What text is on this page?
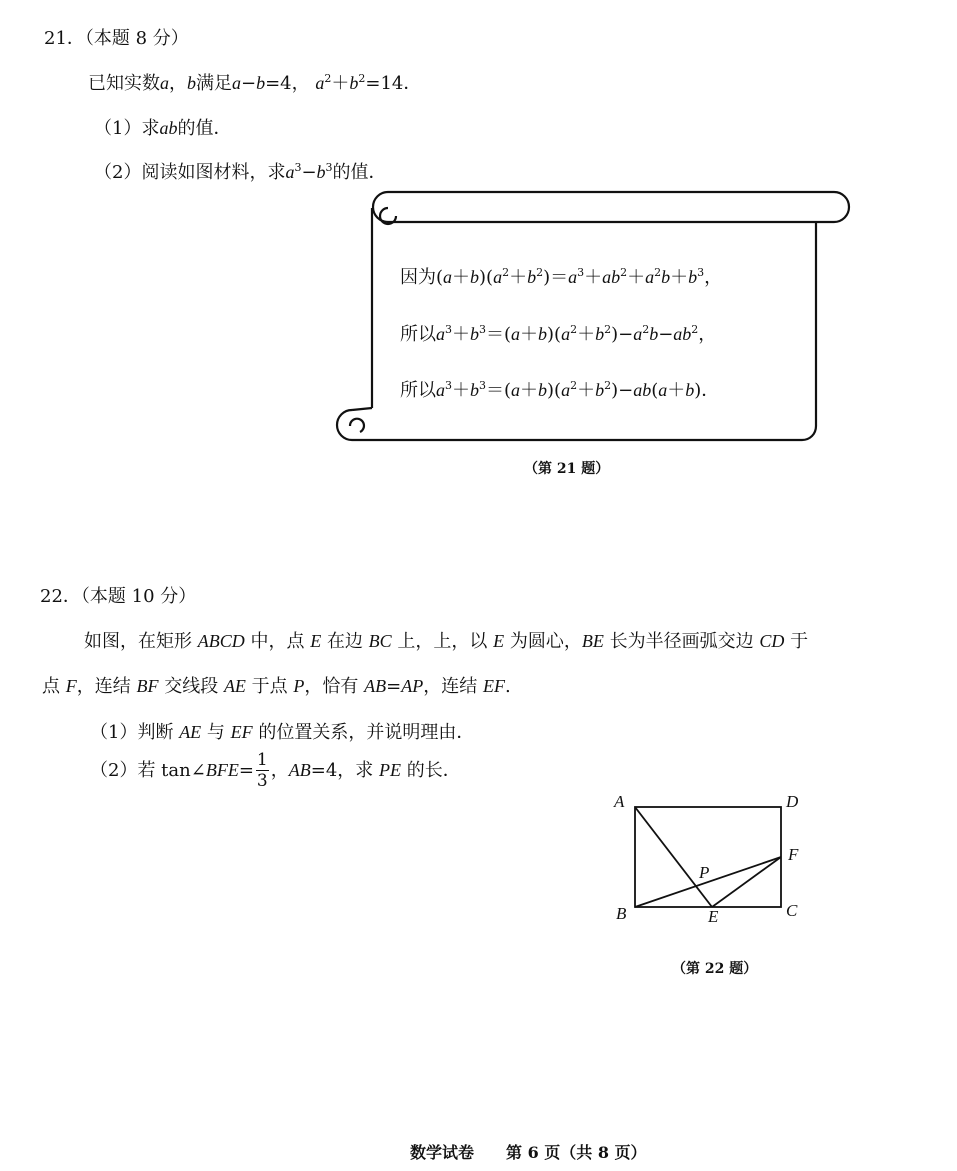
21．（本题 8 分）
已知实数a，b满足a−b=4， $a^2+b^2=14$．
（1）求ab的值．
（2）阅读如图材料，求$a^3-b^3$的值．
因为$(a+b)(a^2+b^2)=a^3+ab^2+a^2b+b^3$，
所以$a^3+b^3=(a+b)(a^2+b^2)-a^2b-ab^2$，
所以$a^3+b^3=(a+b)(a^2+b^2)-ab(a+b)$．
（第 21 题）
22．（本题 10 分）
如图，在矩形 ABCD 中，点 E 在边 BC 上，上，以 E 为圆心，BE 长为半径画弧交边 CD 于
点 F，连结 BF 交线段 AE 于点 P，恰有 AB=AP，连结 EF.
（1）判断 AE 与 EF 的位置关系，并说明理由．
（2）若 tan∠BFE= $\frac{1}{3}$ ，AB=4，求 PE 的长．
A	D
F
P
B	E	C
（第 22 题）
数学试卷　　第 6 页（共 8 页）
